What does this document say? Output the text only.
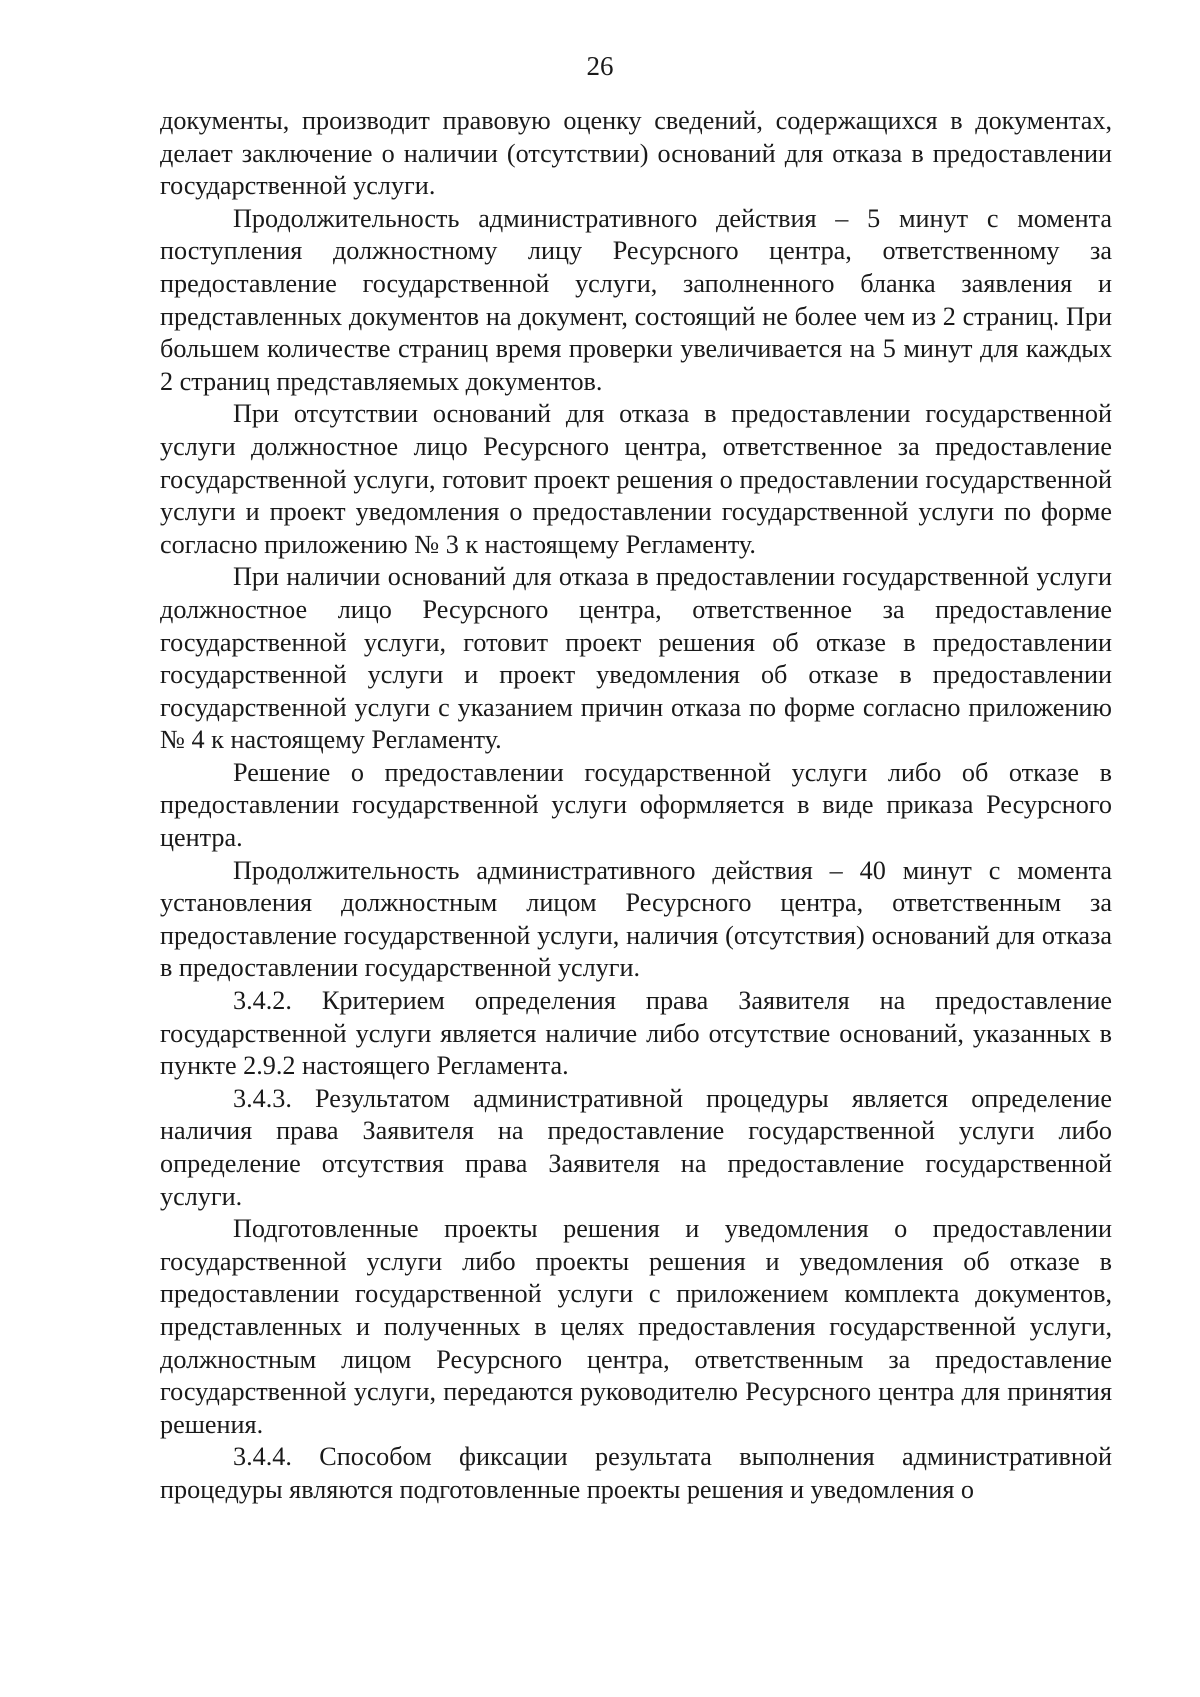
26

документы, производит правовую оценку сведений, содержащихся в документах, делает заключение о наличии (отсутствии) оснований для отказа в предоставлении государственной услуги.

Продолжительность административного действия – 5 минут с момента поступления должностному лицу Ресурсного центра, ответственному за предоставление государственной услуги, заполненного бланка заявления и представленных документов на документ, состоящий не более чем из 2 страниц. При большем количестве страниц время проверки увеличивается на 5 минут для каждых 2 страниц представляемых документов.

При отсутствии оснований для отказа в предоставлении государственной услуги должностное лицо Ресурсного центра, ответственное за предоставление государственной услуги, готовит проект решения о предоставлении государственной услуги и проект уведомления о предоставлении государственной услуги по форме согласно приложению № 3 к настоящему Регламенту.

При наличии оснований для отказа в предоставлении государственной услуги должностное лицо Ресурсного центра, ответственное за предоставление государственной услуги, готовит проект решения об отказе в предоставлении государственной услуги и проект уведомления об отказе в предоставлении государственной услуги с указанием причин отказа по форме согласно приложению № 4 к настоящему Регламенту.

Решение о предоставлении государственной услуги либо об отказе в предоставлении государственной услуги оформляется в виде приказа Ресурсного центра.

Продолжительность административного действия – 40 минут с момента установления должностным лицом Ресурсного центра, ответственным за предоставление государственной услуги, наличия (отсутствия) оснований для отказа в предоставлении государственной услуги.

3.4.2. Критерием определения права Заявителя на предоставление государственной услуги является наличие либо отсутствие оснований, указанных в пункте 2.9.2 настоящего Регламента.

3.4.3. Результатом административной процедуры является определение наличия права Заявителя на предоставление государственной услуги либо определение отсутствия права Заявителя на предоставление государственной услуги.

Подготовленные проекты решения и уведомления о предоставлении государственной услуги либо проекты решения и уведомления об отказе в предоставлении государственной услуги с приложением комплекта документов, представленных и полученных в целях предоставления государственной услуги, должностным лицом Ресурсного центра, ответственным за предоставление государственной услуги, передаются руководителю Ресурсного центра для принятия решения.

3.4.4. Способом фиксации результата выполнения административной процедуры являются подготовленные проекты решения и уведомления о
